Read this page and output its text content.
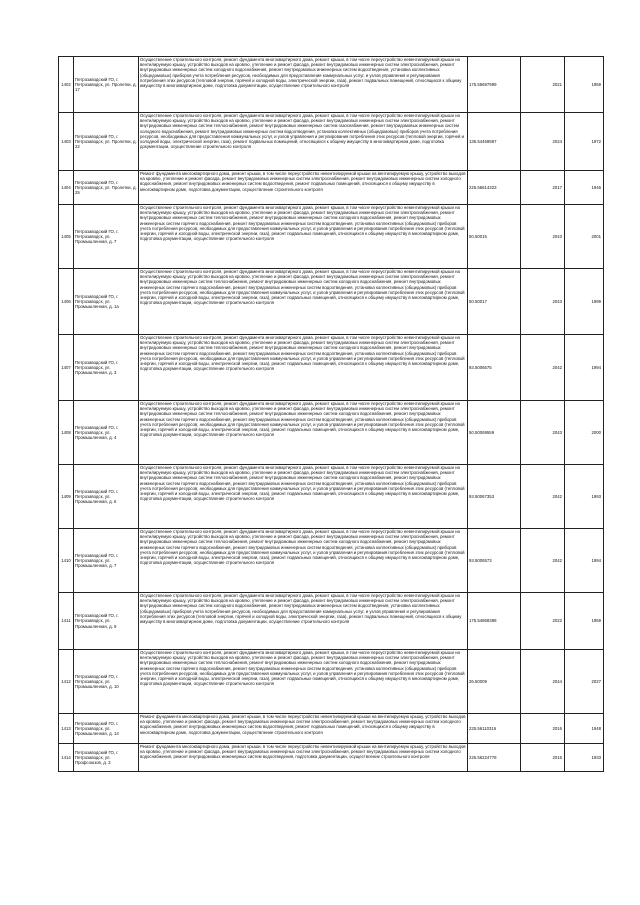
1402	Петрозаводский ГО, г. Петрозаводск, ул. Пролетки, д. 17	Осуществление строительного контроля, ремонт фундамента многоквартирного дома, ремонт крыши, в том числе переустройство невентилируемой крыши на вентилируемую крышу, устройство выходов на кровлю, утепление и ремонт фасада, ремонт внутридомовых инженерных систем электроснабжения, ремонт внутридомовых инженерных систем холодного водоснабжения, ремонт внутридомовых инженерных систем водоотведения, установка коллективных (общедомовых) приборов учета потребления ресурсов, необходимых для предоставления коммунальных услуг, и узлов управления и регулирования потребления этих ресурсов (тепловой энергии, горячей и холодной воды, электрической энергии, газа), ремонт подвальных помещений, относящихся к общему имуществу в многоквартирном доме, подготовка документации, осуществление строительного контроля	175.55697999	2021	1959
1403	Петрозаводский ГО, г. Петрозаводск, ул. Пролетки, д. 22	Осуществление строительного контроля, ремонт фундамента многоквартирного дома, ремонт крыши, в том числе переустройство невентилируемой крыши на вентилируемую крышу, устройство выходов на кровлю, утепление и ремонт фасада, ремонт внутридомовых инженерных систем электроснабжения, ремонт внутридомовых инженерных систем теплоснабжения, ремонт внутридомовых инженерных систем газоснабжения, ремонт внутридомовых инженерных систем холодного водоснабжения, ремонт внутридомовых инженерных систем водоотведения, установка коллективных (общедомовых) приборов учета потребления ресурсов, необходимых для предоставления коммунальных услуг, и узлов управления и регулирования потребления этих ресурсов (тепловой энергии, горячей и холодной воды, электрической энергии, газа), ремонт подвальных помещений, относящихся к общему имуществу в многоквартирном доме, подготовка документации, осуществление строительного контроля	135.54459987	2024	1972
1404	Петрозаводский ГО, г. Петрозаводск, ул. Пролетки, д. 25	Ремонт фундамента многоквартирного дома, ремонт крыши, в том числе переустройство невентилируемой крыши на вентилируемую крышу, устройство выходов на кровлю, утепление и ремонт фасада, ремонт внутридомовых инженерных систем электроснабжения, ремонт внутридомовых инженерных систем холодного водоснабжения, ремонт внутридомовых инженерных систем водоотведения, ремонт подвальных помещений, относящихся к общему имуществу в многоквартирном доме, подготовка документации, осуществление строительного контроля	225.56614323	2017	1946
1405	Петрозаводский ГО, г. Петрозаводск, ул. Промышленная, д. 7	Осуществление строительного контроля, ремонт фундамента многоквартирного дома, ремонт крыши, в том числе переустройство невентилируемой крыши на вентилируемую крышу, устройство выходов на кровлю, утепление и ремонт фасада, ремонт внутридомовых инженерных систем электроснабжения, ремонт внутридомовых инженерных систем теплоснабжения, ремонт внутридомовых инженерных систем холодного водоснабжения, ремонт внутридомовых инженерных систем горячего водоснабжения, ремонт внутридомовых инженерных систем водоотведения, установка коллективных (общедомовых) приборов учета потребления ресурсов, необходимых для предоставления коммунальных услуг, и узлов управления и регулирования потребления этих ресурсов (тепловой энергии, горячей и холодной воды, электрической энергии, газа), ремонт подвальных помещений, относящихся к общему имуществу в многоквартирном доме, подготовка документации, осуществление строительного контроля	50.50015	2043	2001
1406	Петрозаводский ГО, г. Петрозаводск, ул. Промышленная, д. 1а	Осуществление строительного контроля, ремонт фундамента многоквартирного дома, ремонт крыши, в том числе переустройство невентилируемой крыши на вентилируемую крышу, устройство выходов на кровлю, утепление и ремонт фасада, ремонт внутридомовых инженерных систем электроснабжения, ремонт внутридомовых инженерных систем теплоснабжения, ремонт внутридомовых инженерных систем холодного водоснабжения, ремонт внутридомовых инженерных систем горячего водоснабжения, ремонт внутридомовых инженерных систем водоотведения, установка коллективных (общедомовых) приборов учета потребления ресурсов, необходимых для предоставления коммунальных услуг, и узлов управления и регулирования потребления этих ресурсов (тепловой энергии, горячей и холодной воды, электрической энергии, газа), ремонт подвальных помещений, относящихся к общему имуществу в многоквартирном доме, подготовка документации, осуществление строительного контроля	50.50017	2043	1999
1407	Петрозаводский ГО, г. Петрозаводск, ул. Промышленная, д. 3	Осуществление строительного контроля, ремонт фундамента многоквартирного дома, ремонт крыши, в том числе переустройство невентилируемой крыши на вентилируемую крышу, устройство выходов на кровлю, утепление и ремонт фасада, ремонт внутридомовых инженерных систем электроснабжения, ремонт внутридомовых инженерных систем теплоснабжения, ремонт внутридомовых инженерных систем холодного водоснабжения, ремонт внутридомовых инженерных систем горячего водоснабжения, ремонт внутридомовых инженерных систем водоотведения, установка коллективных (общедомовых) приборов учета потребления ресурсов, необходимых для предоставления коммунальных услуг, и узлов управления и регулирования потребления этих ресурсов (тепловой энергии, горячей и холодной воды, электрической энергии, газа), ремонт подвальных помещений, относящихся к общему имуществу в многоквартирном доме, подготовка документации, осуществление строительного контроля	93.5006575	2042	1994
1408	Петрозаводский ГО, г. Петрозаводск, ул. Промышленная, д. 4	Осуществление строительного контроля, ремонт фундамента многоквартирного дома, ремонт крыши, в том числе переустройство невентилируемой крыши на вентилируемую крышу, устройство выходов на кровлю, утепление и ремонт фасада, ремонт внутридомовых инженерных систем электроснабжения, ремонт внутридомовых инженерных систем теплоснабжения, ремонт внутридомовых инженерных систем холодного водоснабжения, ремонт внутридомовых инженерных систем горячего водоснабжения, ремонт внутридомовых инженерных систем водоотведения, установка коллективных (общедомовых) приборов учета потребления ресурсов, необходимых для предоставления коммунальных услуг, и узлов управления и регулирования потребления этих ресурсов (тепловой энергии, горячей и холодной воды, электрической энергии, газа), ремонт подвальных помещений, относящихся к общему имуществу в многоквартирном доме, подготовка документации, осуществление строительного контроля	50.50069559	2043	2000
1409	Петрозаводский ГО, г. Петрозаводск, ул. Промышленная, д. 6	Осуществление строительного контроля, ремонт фундамента многоквартирного дома, ремонт крыши, в том числе переустройство невентилируемой крыши на вентилируемую крышу, устройство выходов на кровлю, утепление и ремонт фасада, ремонт внутридомовых инженерных систем электроснабжения, ремонт внутридомовых инженерных систем теплоснабжения, ремонт внутридомовых инженерных систем холодного водоснабжения, ремонт внутридомовых инженерных систем горячего водоснабжения, ремонт внутридомовых инженерных систем водоотведения, установка коллективных (общедомовых) приборов учета потребления ресурсов, необходимых для предоставления коммунальных услуг, и узлов управления и регулирования потребления этих ресурсов (тепловой энергии, горячей и холодной воды, электрической энергии, газа), ремонт подвальных помещений, относящихся к общему имуществу в многоквартирном доме, подготовка документации, осуществление строительного контроля	93.50067353	2042	1993
1410	Петрозаводский ГО, г. Петрозаводск, ул. Промышленная, д. 7	Осуществление строительного контроля, ремонт фундамента многоквартирного дома, ремонт крыши, в том числе переустройство невентилируемой крыши на вентилируемую крышу, устройство выходов на кровлю, утепление и ремонт фасада, ремонт внутридомовых инженерных систем электроснабжения, ремонт внутридомовых инженерных систем теплоснабжения, ремонт внутридомовых инженерных систем холодного водоснабжения, ремонт внутридомовых инженерных систем горячего водоснабжения, ремонт внутридомовых инженерных систем водоотведения, установка коллективных (общедомовых) приборов учета потребления ресурсов, необходимых для предоставления коммунальных услуг, и узлов управления и регулирования потребления этих ресурсов (тепловой энергии, горячей и холодной воды, электрической энергии, газа), ремонт подвальных помещений, относящихся к общему имуществу в многоквартирном доме, подготовка документации, осуществление строительного контроля	93.5006573	2042	1994
1411	Петрозаводский ГО, г. Петрозаводск, ул. Промышленная, д. 9	Осуществление строительного контроля, ремонт фундамента многоквартирного дома, ремонт крыши, в том числе переустройство невентилируемой крыши на вентилируемую крышу, устройство выходов на кровлю, утепление и ремонт фасада, ремонт внутридомовых инженерных систем электроснабжения, ремонт внутридомовых инженерных систем холодного водоснабжения, ремонт внутридомовых инженерных систем водоотведения, установка коллективных (общедомовых) приборов учета потребления ресурсов, необходимых для предоставления коммунальных услуг, и узлов управления и регулирования потребления этих ресурсов (тепловой энергии, горячей и холодной воды, электрической энергии, газа), ремонт подвальных помещений, относящихся к общему имуществу в многоквартирном доме, подготовка документации, осуществление строительного контроля	175.54868388	2022	1959
1412	Петрозаводский ГО, г. Петрозаводск, ул. Промышленная, д. 10	Осуществление строительного контроля, ремонт фундамента многоквартирного дома, ремонт крыши, в том числе переустройство невентилируемой крыши на вентилируемую крышу, устройство выходов на кровлю, утепление и ремонт фасада, ремонт внутридомовых инженерных систем электроснабжения, ремонт внутридомовых инженерных систем теплоснабжения, ремонт внутридомовых инженерных систем холодного водоснабжения, ремонт внутридомовых инженерных систем горячего водоснабжения, ремонт внутридомовых инженерных систем водоотведения, установка коллективных (общедомовых) приборов учета потребления ресурсов, необходимых для предоставления коммунальных услуг, и узлов управления и регулирования потребления этих ресурсов (тепловой энергии, горячей и холодной воды, электрической энергии, газа), ремонт подвальных помещений, относящихся к общему имуществу в многоквартирном доме, подготовка документации, осуществление строительного контроля	26.50009	2044	2027
1413	Петрозаводский ГО, г. Петрозаводск, ул. Промышленная, д. 14	Ремонт фундамента многоквартирного дома, ремонт крыши, в том числе переустройство невентилируемой крыши на вентилируемую крышу, устройство выходов на кровлю, утепление и ремонт фасада, ремонт внутридомовых инженерных систем электроснабжения, ремонт внутридомовых инженерных систем холодного водоснабжения, ремонт внутридомовых инженерных систем водоотведения, ремонт подвальных помещений, относящихся к общему имуществу в многоквартирном доме, подготовка документации, осуществление строительного контроля	225.56110316	2016	1948
1414	Петрозаводский ГО, г. Петрозаводск, ул. Профсоюзов, д. 3	Ремонт фундамента многоквартирного дома, ремонт крыши, в том числе переустройство невентилируемой крыши на вентилируемую крышу, устройство выходов на кровлю, утепление и ремонт фасада, ремонт внутридомовых инженерных систем электроснабжения, ремонт внутридомовых инженерных систем холодного водоснабжения, ремонт внутридомовых инженерных систем водоотведения, подготовка документации, осуществление строительного контроля	225.56224778	2016	1933
